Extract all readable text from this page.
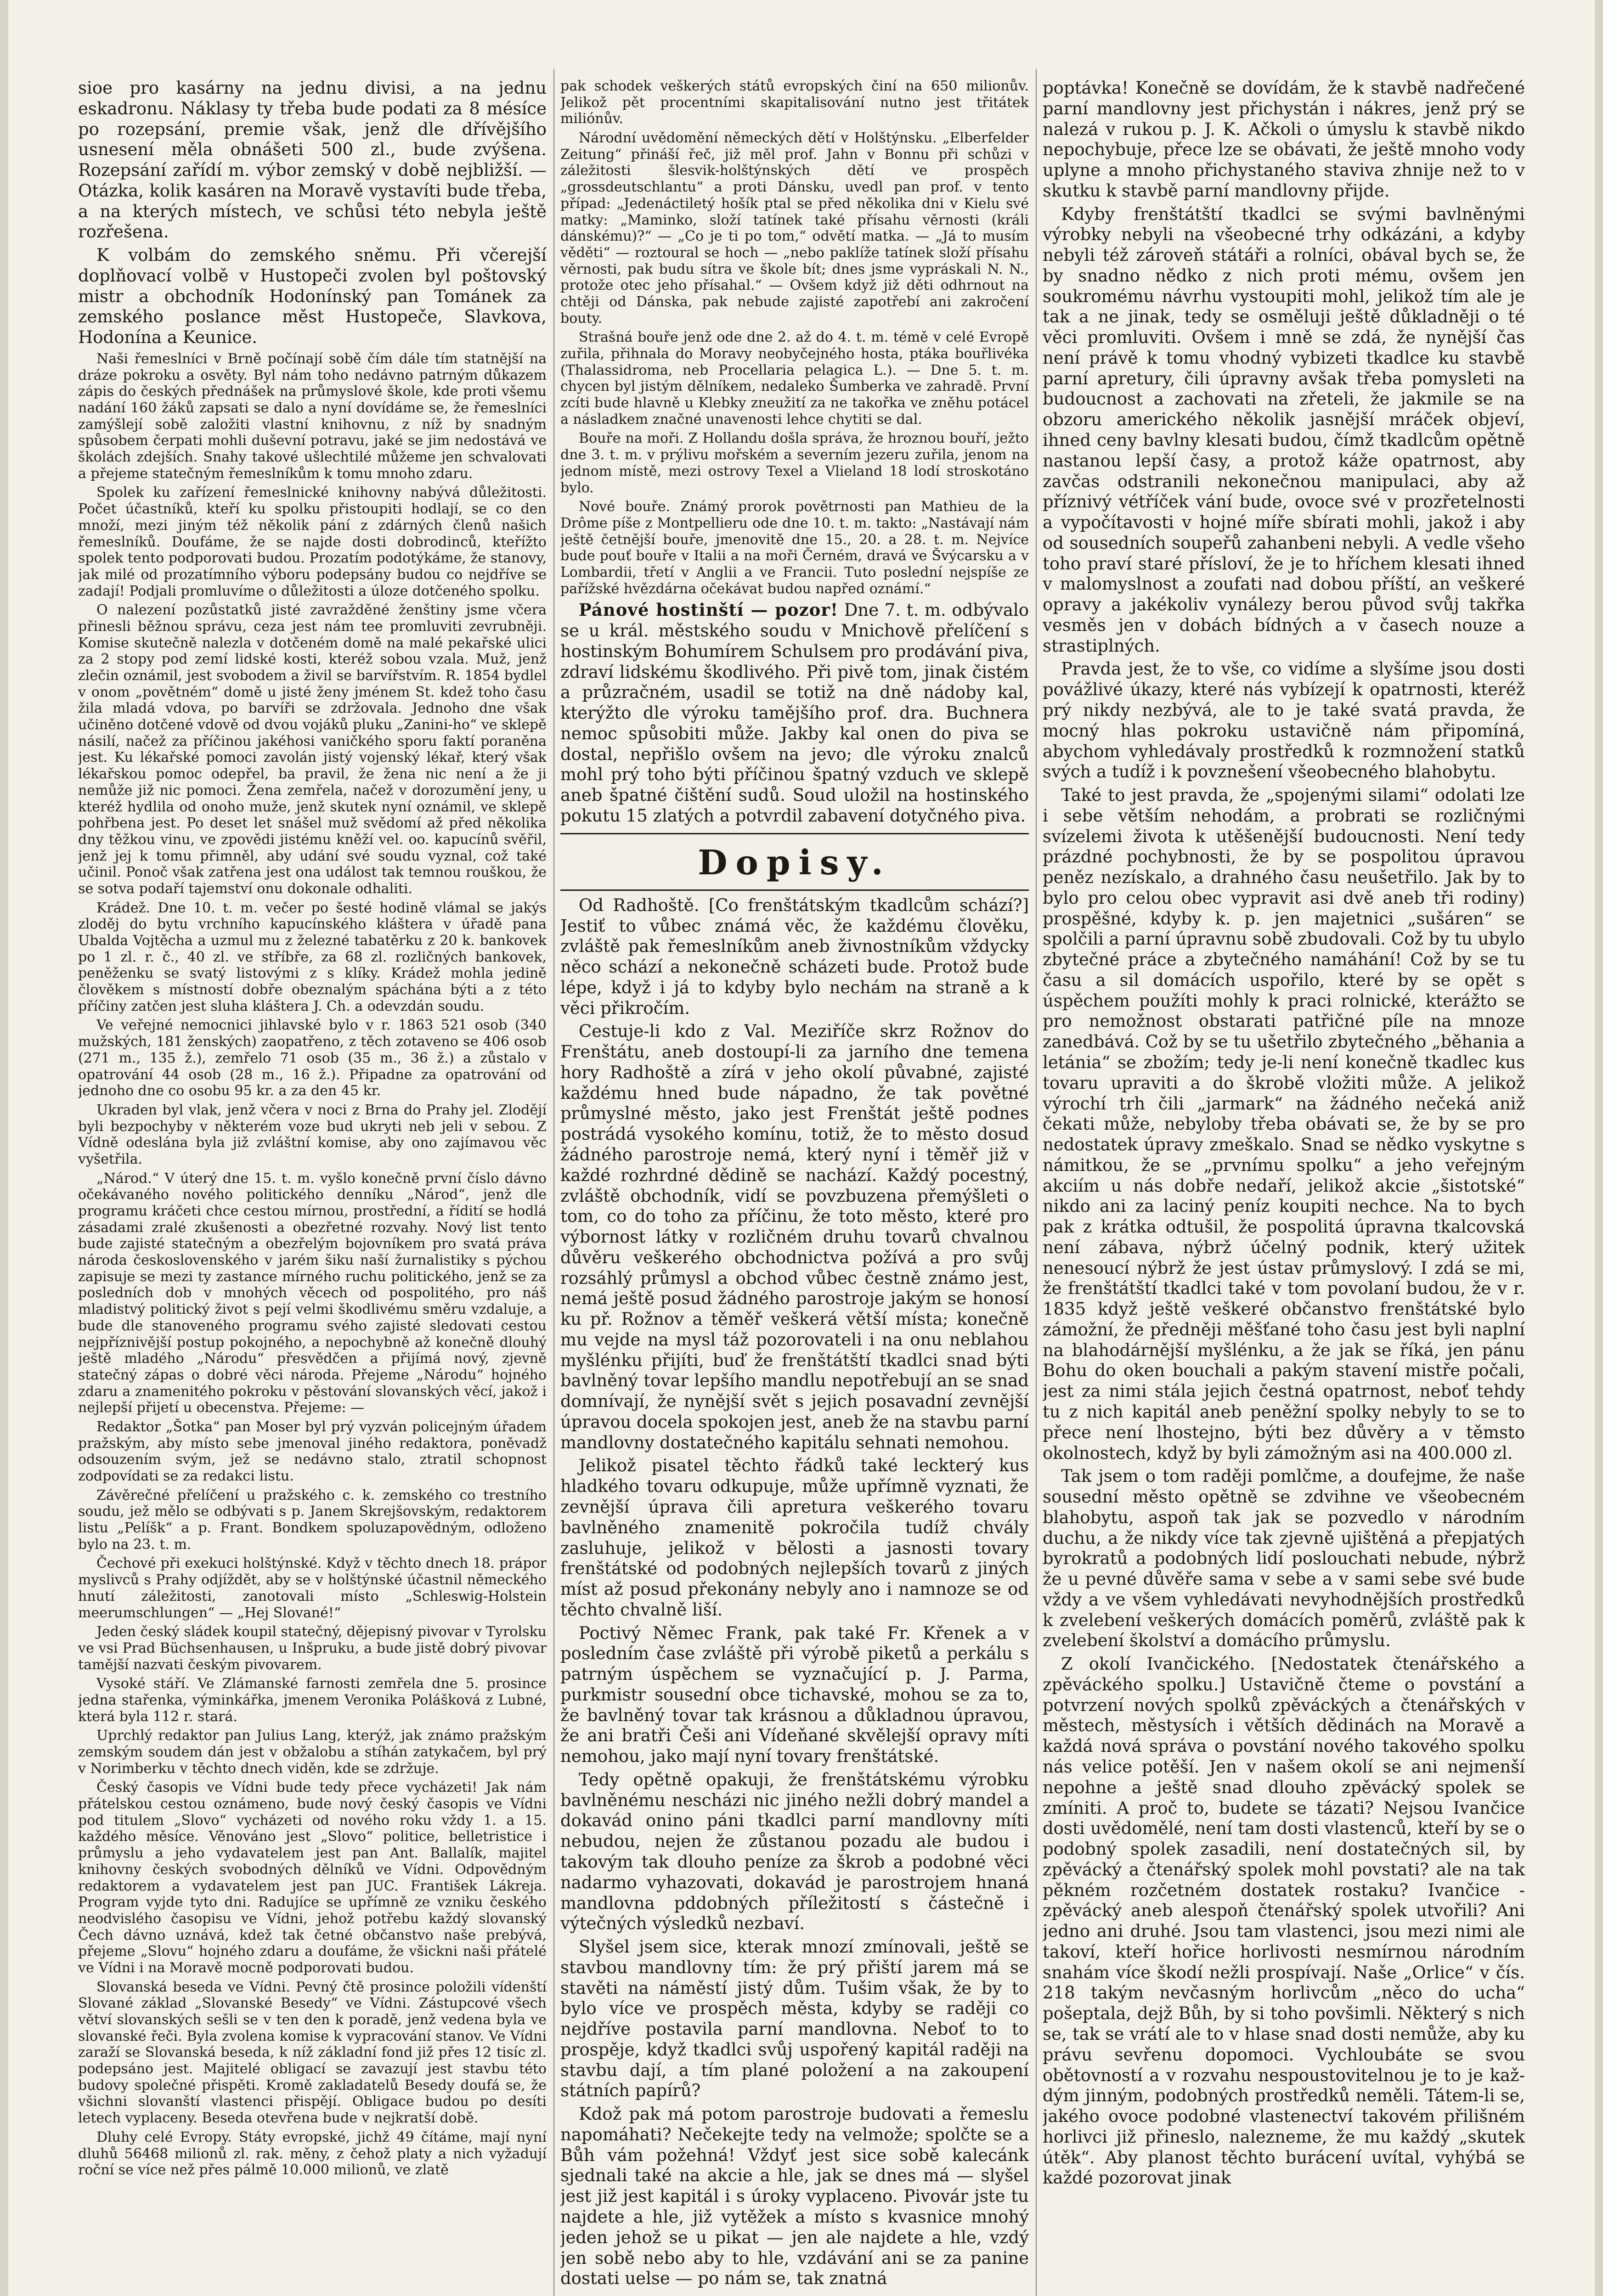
sioe pro kasárny na jednu divisi, a na jednu eskadronu. Náklasy ty třeba bude podati za 8 mésíce po rozepsání, premie však, jenž dle dřívějšího usnesení měla obnášeti 500 zl., bude zvýšena. Rozepsání zařídí m. výbor zemský v době nejbližší. — Otázka, kolik kasáren na Moravě vystavíti bude třeba, a na kterých místech, ve schůsi této nebyla ještě rozřešena.

K volbám do zemského sněmu. Při včerejší doplňovací volbě v Hustopeči zvolen byl poštovský mistr a obchodník Hodonínský pan Tománek za zemského poslance měst Hustopeče, Slavkova, Hodonína a Keunice.

Naši řemeslníci v Brně počínají sobě čím dále tím statnější na dráze pokroku a osvěty. Byl nám toho nedávno patrným důkazem zápis do českých přednášek na průmyslové škole, kde proti všemu nadání 160 žáků zapsati se dalo a nyní dovídáme se, že řemeslníci zamýšlejí sobě založiti vlastní knihovnu, z níž by snadným spůsobem čerpati mohli duševní potravu, jaké se jim nedostává ve školách zdejších. Snahy takové ušlechtilé můžeme jen schvalovati a přejeme statečným řemeslníkům k tomu mnoho zdaru.

Spolek ku zařízení řemeslnické knihovny nabývá důležitosti. Počet účastníků, kteří ku spolku přistoupiti hodlají, se co den množí, mezi jiným též několik pání z zdárných členů našich řemeslníků. Doufáme, že se najde dosti dobrodinců, kteřížto spolek tento podporovati budou. Prozatím podotýkáme, že stanovy, jak milé od prozatímního výboru podepsány budou co nejdříve se zadají! Podjali promluvíme o důležitosti a úloze dotčeného spolku.

O nalezení pozůstatků jisté zavražděné ženštiny jsme včera přinesli běžnou správu, ceza jest nám tee promluviti zevrubněji. Komise skutečně nalezla v dotčeném domě na malé pekařské ulici za 2 stopy pod zemí lidské kosti, kteréž sobou vzala. Muž, jenž zlečin oznámil, jest svobodem a živil se barvířstvím. R. 1854 bydlel v onom „povětném“ domě u jisté ženy jménem St. kdež toho času žila mladá vdova, po barvíři se zdržovala. Jednoho dne však učiněno dotčené vdově od dvou vojáků pluku „Zanini-ho“ ve sklepě násilí, načež za příčinou jakéhosi vaničkého sporu faktí poraněna jest. Ku lékařské pomoci zavolán jistý vojenský lékař, který však lékařskou pomoc odepřel, ba pravil, že žena nic není a že ji nemůže již nic pomoci. Žena zemřela, načež v dorozumění jeny, u kteréž hydlila od onoho muže, jenž skutek nyní oznámil, ve sklepě pohřbena jest. Po deset let snášel muž svědomí až před několika dny těžkou vinu, ve zpovědi jistému kněží vel. oo. kapucínů svěřil, jenž jej k tomu přimněl, aby udání své soudu vyznal, což také učinil. Ponoč však zatřena jest ona událost tak temnou rouškou, že se sotva podaří tajemství onu dokonale odhaliti.

Krádež. Dne 10. t. m. večer po šesté hodině vlámal se jakýs zloděj do bytu vrchního kapucínského kláštera v úřadě pana Ubalda Vojtěcha a uzmul mu z železné tabatěrku z 20 k. bankovek po 1 zl. r. č., 40 zl. ve stříbře, za 68 zl. rozličných bankovek, peněženku se svatý listovými z s klíky. Krádež mohla jedině člověkem s místností dobře obeznalým spáchána býti a z této příčiny zatčen jest sluha kláštera J. Ch. a odevzdán soudu.

Ve veřejné nemocnici jihlavské bylo v r. 1863 521 osob (340 mužských, 181 ženských) zaopatřeno, z těch zotaveno se 406 osob (271 m., 135 ž.), zemřelo 71 osob (35 m., 36 ž.) a zůstalo v opatrování 44 osob (28 m., 16 ž.). Připadne za opatrování od jednoho dne co osobu 95 kr. a za den 45 kr.

Ukraden byl vlak, jenž včera v noci z Brna do Prahy jel. Zlodějí byli bezpochyby v některém voze bud ukryti neb jeli v sebou. Z Vídně odeslána byla již zvláštní komise, aby ono zajímavou věc vyšetřila.

„Národ.“ V úterý dne 15. t. m. vyšlo konečně první číslo dávno očekávaného nového politického denníku „Národ“, jenž dle programu kráčeti chce cestou mírnou, prostřední, a řídití se hodlá zásadami zralé zkušenosti a obezřetné rozvahy. Nový list tento bude zajisté statečným a obezřelým bojovníkem pro svatá práva národa československého v jarém šiku naší žurnalistiky s pýchou zapisuje se mezi ty zastance mírného ruchu politického, jenž se za posledních dob v mnohých věcech od pospolitého, pro náš mladistvý politický život s pejí velmi škodlivému směru vzdaluje, a bude dle stanoveného programu svého zajisté sledovati cestou nejpříznivější postup pokojného, a nepochybně až konečně dlouhý ještě mladého „Národu“ přesvědčen a přijímá nový, zjevně statečný zápas o dobré věci národa. Přejeme „Národu“ hojného zdaru a znamenitého pokroku v pěstování slovanských věcí, jakož i nejlepší přijetí u obecenstva. Přejeme: —

Redaktor „Šotka“ pan Moser byl prý vyzván policejným úřadem pražským, aby místo sebe jmenoval jiného redaktora, poněvadž odsouzením svým, jež se nedávno stalo, ztratil schopnost zodpovídati se za redakci listu.

Závěrečné přelíčení u pražského c. k. zemského co trestního soudu, jež mělo se odbývati s p. Janem Skrejšovským, redaktorem listu „Pelíšk“ a p. Frant. Bondkem spoluzapovědným, odloženo bylo na 23. t. m.

Čechové při exekuci holštýnské. Když v těchto dnech 18. prápor myslivců s Prahy odjíždět, aby se v holštýnské účastnil německého hnutí záležitosti, zanotovali místo „Schleswig-Holstein meerumschlungen“ — „Hej Slované!“

Jeden český sládek koupil statečný, dějepisný pivovar v Tyrolsku ve vsi Prad Büchsenhausen, u Inšpruku, a bude jistě dobrý pivovar tamější nazvati českým pivovarem.

Vysoké stáří. Ve Zlámanské farnosti zemřela dne 5. prosince jedna stařenka, výminkářka, jmenem Veronika Polášková z Lubné, která byla 112 r. stará.

Uprchlý redaktor pan Julius Lang, kterýž, jak známo pražským zemským soudem dán jest v obžalobu a stíhán zatykačem, byl prý v Norimberku v těchto dnech viděn, kde se zdržuje.

Český časopis ve Vídni bude tedy přece vycházeti! Jak nám přátelskou cestou oznámeno, bude nový český časopis ve Vídni pod titulem „Slovo“ vycházeti od nového roku vždy 1. a 15. každého měsíce. Věnováno jest „Slovo“ politice, belletristice i průmyslu a jeho vydavatelem jest pan Ant. Ballalík, majitel knihovny českých svobodných dělníků ve Vídni. Odpovědným redaktorem a vydavatelem jest pan JUC. František Lákreja. Program vyjde tyto dni. Radujíce se upřímně ze vzniku českého neodvislého časopisu ve Vídni, jehož potřebu každý slovanský Čech dávno uznává, kdež tak četné občanstvo naše prebývá, přejeme „Slovu“ hojného zdaru a doufáme, že všickni naši přátelé ve Vídni i na Moravě mocně podporovati budou.

Slovanská beseda ve Vídni. Pevný čtě prosince položili vídenští Slované základ „Slovanské Besedy“ ve Vídni. Zástupcové všech větví slovanských sešli se v ten den k poradě, jenž vedena byla ve slovanské řeči. Byla zvolena komise k vypracování stanov. Ve Vídni zaraží se Slovanská beseda, k níž základní fond již přes 12 tisíc zl. podepsáno jest. Majitelé obligací se zavazují jest stavbu této budovy společné přispěti. Kromě zakladatelů Besedy doufá se, že všichni slovanští vlastenci přispějí. Obligace budou po desíti letech vyplaceny. Beseda otevřena bude v nejkratší době.

Dluhy celé Evropy. Státy evropské, jichž 49 čítáme, mají nyní dluhů 56468 milionů zl. rak. měny, z čehož platy a nich vyžadují roční se více než přes pálmě 10.000 milionů, ve zlatě

pak schodek veškerých států evropských činí na 650 milionův. Jelikož pět procentními skapitalisování nutno jest třitátek miliónův.

Národní uvědomění německých dětí v Holštýnsku. „Elberfelder Zeitung“ přináší řeč, již měl prof. Jahn v Bonnu při schůzi v záležitosti šlesvik-holštýnských dětí ve prospěch „grossdeutschlantu“ a proti Dánsku, uvedl pan prof. v tento případ: „Jedenáctiletý hošík ptal se před několika dni v Kielu své matky: „Maminko, složí tatínek také přísahu věrnosti (králi dánskému)?“ — „Co je ti po tom,“ odvětí matka. — „Já to musím věděti“ — roztoural se hoch — „nebo paklíže tatínek složí přísahu věrnosti, pak budu sítra ve škole bít; dnes jsme vypráskali N. N., protože otec jeho přísahal.“ — Ovšem když již děti odhrnout na chtěji od Dánska, pak nebude zajisté zapotřebí ani zakročení bouty.

Strašná bouře jenž ode dne 2. až do 4. t. m. témě v celé Evropě zuřila, přihnala do Moravy neobyčejného hosta, ptáka bouřlivéka (Thalassidroma, neb Procellaria pelagica L.). — Dne 5. t. m. chycen byl jistým dělníkem, nedaleko Šumberka ve zahradě. První zcíti bude hlavně u Klebky zneužití za ne takořka ve zněhu potácel a násladkem značné unavenosti lehce chytiti se dal.

Bouře na moři. Z Hollandu došla správa, že hroznou bouří, ježto dne 3. t. m. v prýlivu mořském a severním jezeru zuřila, jenom na jednom místě, mezi ostrovy Texel a Vlieland 18 lodí stroskotáno bylo.

Nové bouře. Známý prorok povětrnosti pan Mathieu de la Drôme píše z Montpellieru ode dne 10. t. m. takto: „Nastávají nám ještě četnější bouře, jmenovitě dne 15., 20. a 28. t. m. Nejvíce bude pouť bouře v Italii a na moři Černém, dravá ve Švýcarsku a v Lombardii, třetí v Anglii a ve Francii. Tuto poslední nejspíše ze pařížské hvězdárna očekávat budou napřed oznámí.“

Pánové hostinští — pozor! Dne 7. t. m. odbývalo se u král. městského soudu v Mnichově přelíčení s hostinským Bohumírem Schulsem pro prodávání piva, zdraví lidskému škodlivého. Při pivě tom, jinak čistém a průzračném, usadil se totiž na dně nádoby kal, kterýžto dle výroku tamějšího prof. dra. Buchnera nemoc spůsobiti může. Jakby kal onen do piva se dostal, nepřišlo ovšem na jevo; dle výroku znalců mohl prý toho býti příčinou špatný vzduch ve sklepě aneb špatné čištění sudů. Soud uložil na hostinského pokutu 15 zlatých a potvrdil zabavení dotyčného piva.

Dopisy.

Od Radhoště. [Co frenštátským tkadlcům schází?] Jestiť to vůbec známá věc, že každému člověku, zvláště pak řemeslníkům aneb živnostníkům vždycky něco schází a nekonečně scházeti bude. Protož bude lépe, když i já to kdyby bylo nechám na straně a k věci přikročím.

Cestuje-li kdo z Val. Meziříče skrz Rožnov do Frenštátu, aneb dostoupí-li za jarního dne temena hory Radhoště a zírá v jeho okolí půvabné, zajisté každému hned bude nápadno, že tak povětné průmyslné město, jako jest Frenštát ještě podnes postrádá vysokého komínu, totiž, že to město dosud žádného parostroje nemá, který nyní i těměř již v každé rozhrdné dědině se nachází. Každý pocestný, zvláště obchodník, vidí se povzbuzena přemýšleti o tom, co do toho za příčinu, že toto město, které pro výbornost látky v rozličném druhu tovarů chvalnou důvěru veškerého obchodnictva požívá a pro svůj rozsáhlý průmysl a obchod vůbec čestně známo jest, nemá ještě posud žádného parostroje jakým se honosí ku př. Rožnov a těměř veškerá větší místa; konečně mu vejde na mysl táž pozorovateli i na onu neblahou myšlénku přijíti, buď že frenštátští tkadlci snad býti bavlněný tovar lepšího mandlu nepotřebují an se snad domnívají, že nynější svět s jejich posavadní zevnější úpravou docela spokojen jest, aneb že na stavbu parní mandlovny dostatečného kapitálu sehnati nemohou.

Jelikož pisatel těchto řádků také leckterý kus hladkého tovaru odkupuje, může upřímně vyznati, že zevnější úprava čili apretura veškerého tovaru bavlněného znamenitě pokročila tudíž chvály zasluhuje, jelikož v bělosti a jasnosti tovary frenštátské od podobných nejlepších tovarů z jiných míst až posud překonány nebyly ano i namnoze se od těchto chvalně liší.

Poctivý Němec Frank, pak také Fr. Křenek a v posledním čase zvláště při výrobě piketů a perkálu s patrným úspěchem se vyznačující p. J. Parma, purkmistr sousední obce tichavské, mohou se za to, že bavlněný tovar tak krásnou a důkladnou úpravou, že ani bratři Češi ani Vídeňané skvělejší opravy míti nemohou, jako mají nyní tovary frenštátské.

Tedy opětně opakuji, že frenštátskému výrobku bavlněnému nescházi nic jiného nežli dobrý mandel a dokavád onino páni tkadlci parní mandlovny míti nebudou, nejen že zůstanou pozadu ale budou i takovým tak dlouho peníze za škrob a podobné věci nadarmo vyhazovati, dokavád je parostrojem hnaná mandlovna pddobných příležitostí s částečně i výtečných výsledků nezbaví.

Slyšel jsem sice, kterak mnozí zmínovali, ještě se stavbou mandlovny tím: že prý přiští jarem má se stavěti na náměstí jistý dům. Tušim však, že by to bylo více ve prospěch města, kdyby se raději co nejdříve postavila parní mandlovna. Neboť to to prospěje, když tkadlci svůj uspořený kapitál raději na stavbu dají, a tím plané položení a na zakoupení státních papírů?

Kdož pak má potom parostroje budovati a řemeslu napomáhati? Nečekejte tedy na velmože; spolčte se a Bůh vám požehná! Vždyť jest sice sobě kalecánk sjednali také na akcie a hle, jak se dnes má — slyšel jest již jest kapitál i s úroky vyplaceno. Pivovár jste tu najdete a hle, již vytěžek a místo s kvasnice mnohý jeden jehož se u pikat — jen ale najdete a hle, vzdý jen sobě nebo aby to hle, vzdávání ani se za panine dostati uelse — po nám se, tak znatná

poptávka! Konečně se dovídám, že k stavbě nadřečené parní mandlovny jest přichystán i nákres, jenž prý se nalezá v rukou p. J. K. Ačkoli o úmyslu k stavbě nikdo nepochybuje, přece lze se obávati, že ještě mnoho vody uplyne a mnoho přichystaného staviva zhnije než to v skutku k stavbě parní mandlovny přijde.

Kdyby frenštátští tkadlci se svými bavlněnými výrobky nebyli na všeobecné trhy odkázáni, a kdyby nebyli též zároveň státáři a rolníci, obával bych se, že by snadno nědko z nich proti mému, ovšem jen soukromému návrhu vystoupiti mohl, jelikož tím ale je tak a ne jinak, tedy se osměluji ještě důkladněji o té věci promluviti. Ovšem i mně se zdá, že nynější čas není právě k tomu vhodný vybizeti tkadlce ku stavbě parní apretury, čili úpravny avšak třeba pomysleti na budoucnost a zachovati na zřeteli, že jakmile se na obzoru amerického několik jasnější mráček objeví, ihned ceny bavlny klesati budou, čímž tkadlcům opětně nastanou lepší časy, a protož káže opatrnost, aby zavčas odstranili nekonečnou manipulaci, aby až příznivý vétříček vání bude, ovoce své v prozřetelnosti a vypočítavosti v hojné míře sbírati mohli, jakož i aby od sousedních soupeřů zahanbeni nebyli. A vedle všeho toho praví staré přísloví, že je to hříchem klesati ihned v malomyslnost a zoufati nad dobou příští, an veškeré opravy a jakékoliv vynálezy berou původ svůj takřka vesměs jen v dobách bídných a v časech nouze a strastiplných.

Pravda jest, že to vše, co vidíme a slyšíme jsou dosti povážlivé úkazy, které nás vybízejí k opatrnosti, kteréž prý nikdy nezbývá, ale to je také svatá pravda, že mocný hlas pokroku ustavičně nám připomíná, abychom vyhledávaly prostředků k rozmnožení statků svých a tudíž i k povznešení všeobecného blahobytu.

Také to jest pravda, že „spojenými silami“ odolati lze i sebe větším nehodám, a probrati se rozličnými svízelemi života k utěšenější budoucnosti. Není tedy prázdné pochybnosti, že by se pospolitou úpravou peněz nezískalo, a drahného času neušetřilo. Jak by to bylo pro celou obec vypravit asi dvě aneb tři rodiny) prospěšné, kdyby k. p. jen majetnici „sušáren“ se spolčili a parní úpravnu sobě zbudovali. Což by tu ubylo zbytečné práce a zbytečného namáhání! Což by se tu času a sil domácích uspořilo, které by se opět s úspěchem použíti mohly k praci rolnické, kterážto se pro nemožnost obstarati patřičné píle na mnoze zanedbává. Což by se tu ušetřilo zbytečného „běhania a letánia“ se zbožím; tedy je-li není konečně tkadlec kus tovaru upraviti a do škrobě vložiti může. A jelikož výrochí trh čili „jarmark“ na žádného nečeká aniž čekati může, nebyloby třeba obávati se, že by se pro nedostatek úpravy zmeškalo. Snad se nědko vyskytne s námitkou, že se „prvnímu spolku“ a jeho veřejným akciím u nás dobře nedaří, jelikož akcie „šistotské“ nikdo ani za laciný peníz koupiti nechce. Na to bych pak z krátka odtušil, že pospolitá úpravna tkalcovská není zábava, nýbrž účelný podnik, který užitek nenesoucí nýbrž že jest ústav průmyslový. I zdá se mi, že frenštátští tkadlci také v tom povolaní budou, že v r. 1835 když ještě veškeré občanstvo frenštátské bylo zámožní, že předněji měšťané toho času jest byli naplní na blahodárnější myšlénku, a že jak se říká, jen pánu Bohu do oken bouchali a pakým stavení mistře počali, jest za nimi stála jejich čestná opatrnost, neboť tehdy tu z nich kapitál aneb peněžní spolky nebyly to se to přece není lhostejno, býti bez důvěry a v těmsto okolnostech, když by byli zámožným asi na 400.000 zl.

Tak jsem o tom raději pomlčme, a doufejme, že naše sousední město opětně se zdvihne ve všeobecném blahobytu, aspoň tak jak se pozvedlo v národním duchu, a že nikdy více tak zjevně ujištěná a přepjatých byrokratů a podobných lidí poslouchati nebude, nýbrž že u pevné důvěře sama v sebe a v sami sebe své bude vždy a ve všem vyhledávati nevyhodnějších prostředků k zvelebení veškerých domácích poměrů, zvláště pak k zvelebení školství a domácího průmyslu.

Z okolí Ivančického. [Nedostatek čtenářského a zpěváckého spolku.] Ustavičně čteme o povstání a potvrzení nových spolků zpěváckých a čtenářských v městech, městysích i větších dědinách na Moravě a každá nová správa o povstání nového takového spolku nás velice potěší. Jen v našem okolí se ani nejmenší nepohne a ještě snad dlouho zpěvácký spolek se zmíniti. A proč to, budete se tázati? Nejsou Ivančice dosti uvědomělé, není tam dosti vlastenců, kteří by se o podobný spolek zasadili, není dostatečných sil, by zpěvácký a čtenářský spolek mohl povstati? ale na tak pěkném rozčetném dostatek rostaku? Ivančice - zpěvácký aneb alespoň čtenářský spolek utvořili? Ani jedno ani druhé. Jsou tam vlastenci, jsou mezi nimi ale takoví, kteří hořice horlivosti nesmírnou národním snahám více škodí nežli prospívají. Naše „Orlice“ v čís. 218 takým nevčasným horlivcům „něco do ucha“ pošeptala, dejž Bůh, by si toho povšimli. Některý s nich se, tak se vrátí ale to v hlase snad dosti nemůže, aby ku právu sevřenu dopomoci. Vychloubáte se svou obětovností a v rozvahu nespoustovitelnou je to je kaž-dým jinným, podobných prostředků neměli. Tátem-li se, jakého ovoce podobné vlastenectví takovém přilišném horlivci již přineslo, nalezneme, že mu každý „skutek útěk“. Aby planost těchto burácení uvítal, vyhýbá se každé pozorovat jinak
